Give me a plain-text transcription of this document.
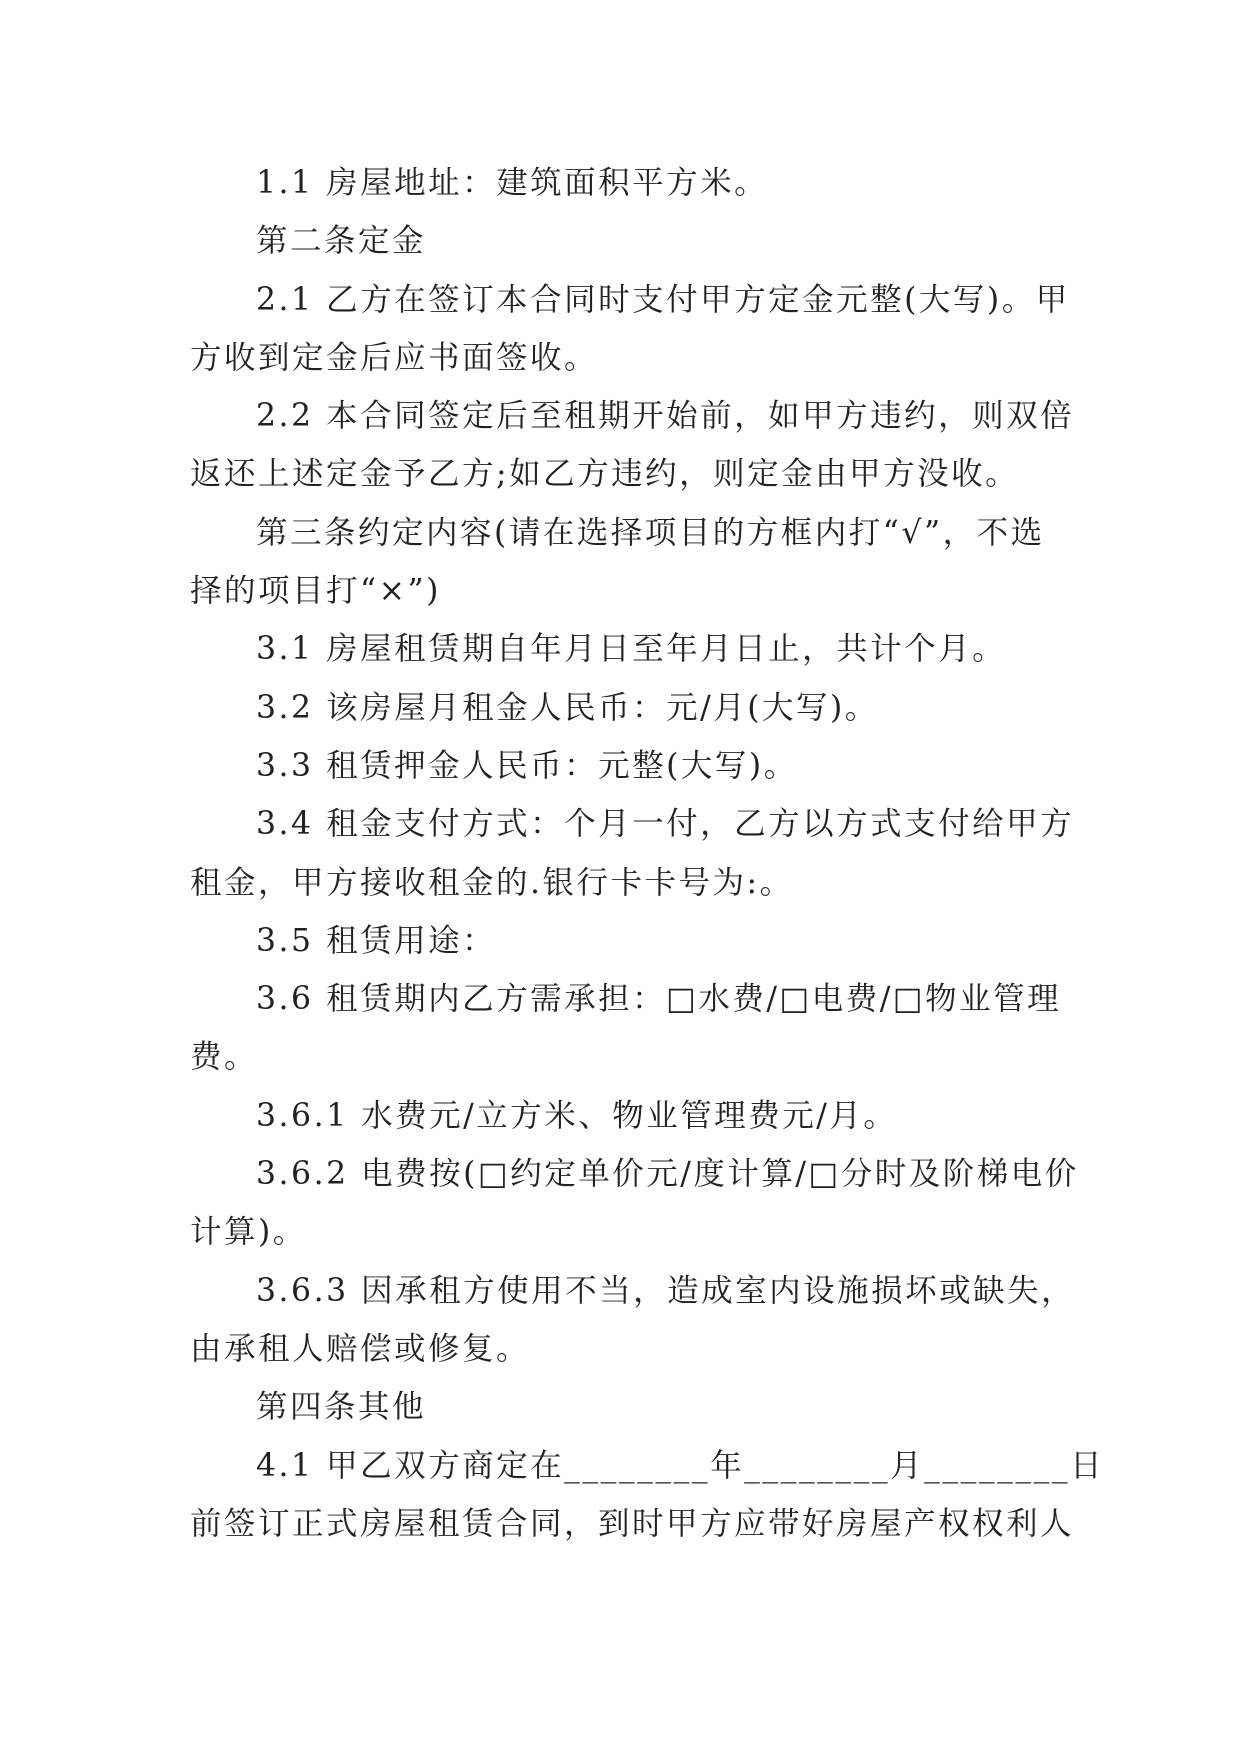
1.1 房屋地址：建筑面积平方米。
第二条定金
2.1 乙方在签订本合同时支付甲方定金元整(大写)。甲
方收到定金后应书面签收。
2.2 本合同签定后至租期开始前，如甲方违约，则双倍
返还上述定金予乙方;如乙方违约，则定金由甲方没收。
第三条约定内容(请在选择项目的方框内打“√”，不选
择的项目打“×”)
3.1 房屋租赁期自年月日至年月日止，共计个月。
3.2 该房屋月租金人民币：元/月(大写)。
3.3 租赁押金人民币：元整(大写)。
3.4 租金支付方式：个月一付，乙方以方式支付给甲方
租金，甲方接收租金的.银行卡卡号为:。
3.5 租赁用途：
3.6 租赁期内乙方需承担：□水费/□电费/□物业管理
费。
3.6.1 水费元/立方米、物业管理费元/月。
3.6.2 电费按(□约定单价元/度计算/□分时及阶梯电价
计算)。
3.6.3 因承租方使用不当，造成室内设施损坏或缺失，
由承租人赔偿或修复。
第四条其他
4.1 甲乙双方商定在________年________月________日
前签订正式房屋租赁合同，到时甲方应带好房屋产权权利人
